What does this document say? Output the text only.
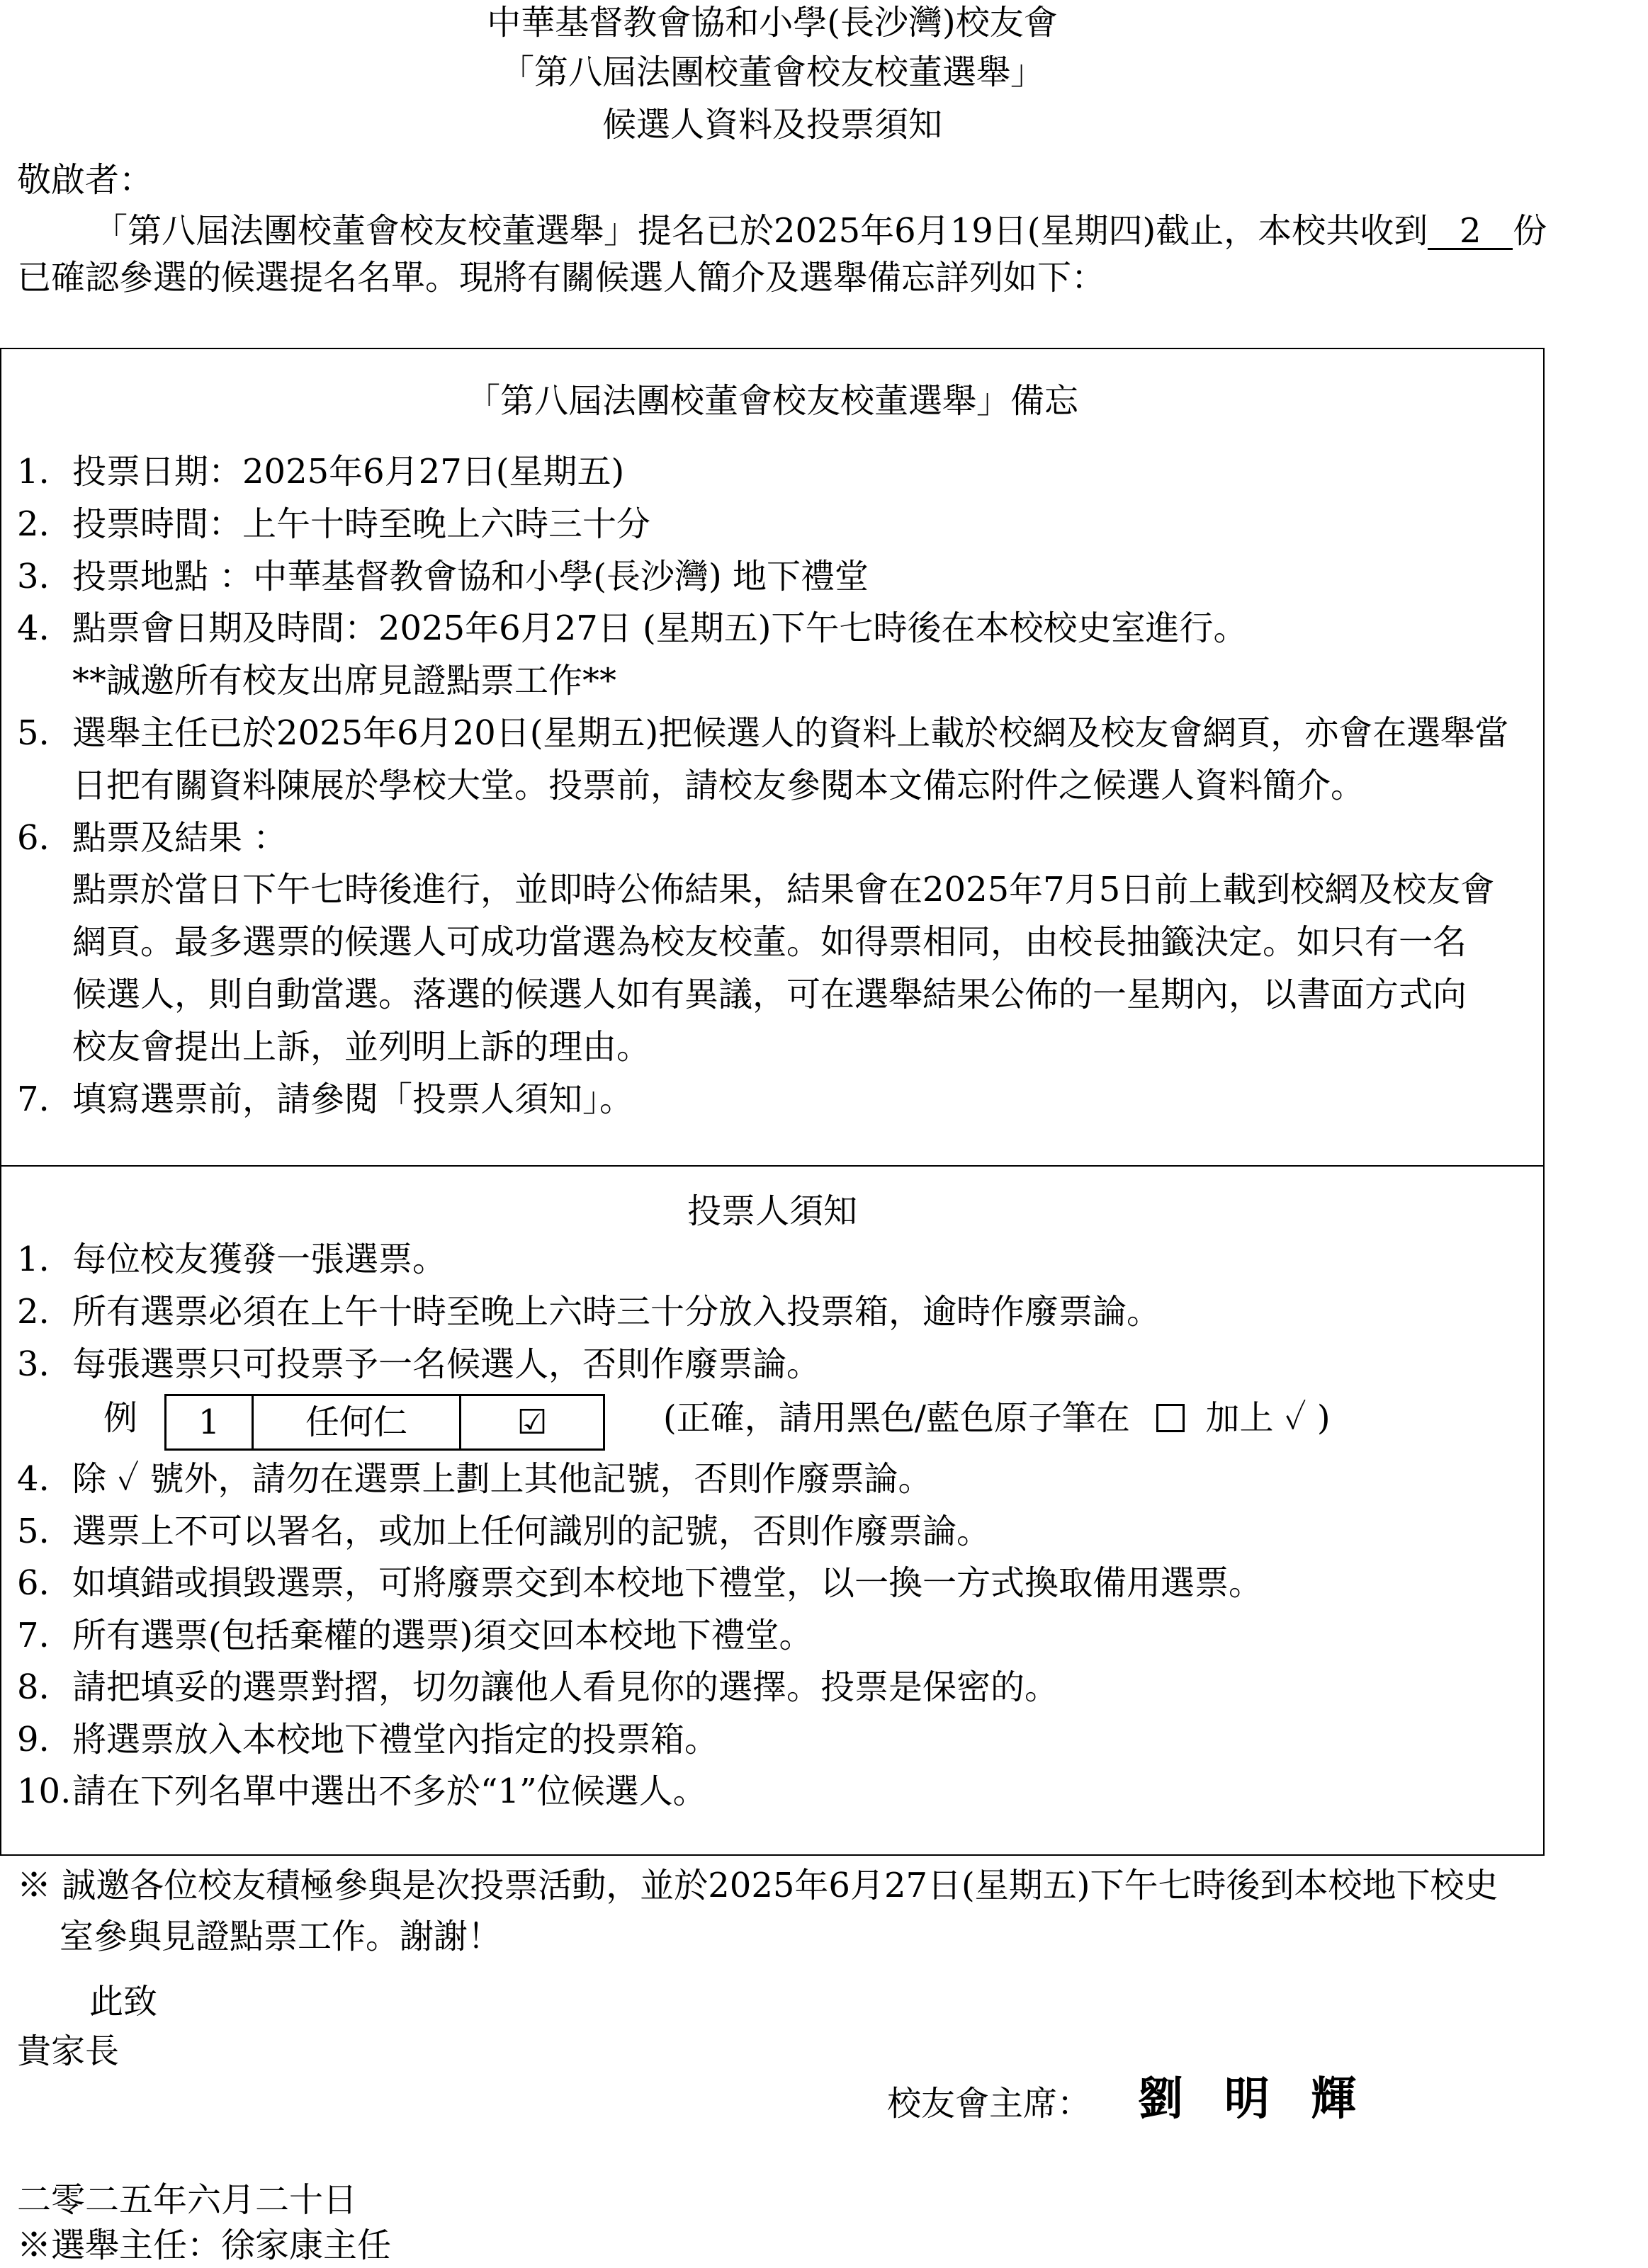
中華基督教會協和小學(長沙灣)校友會
「第八屆法團校董會校友校董選舉」
候選人資料及投票須知
敬啟者：
「第八屆法團校董會校友校董選舉」提名已於2025年6月19日(星期四)截止，本校共收到 2 份
已確認參選的候選提名名單。現將有關候選人簡介及選舉備忘詳列如下：
「第八屆法團校董會校友校董選舉」備忘
1. 投票日期：2025年6月27日(星期五)
2. 投票時間：上午十時至晚上六時三十分
3. 投票地點 ：中華基督教會協和小學(長沙灣) 地下禮堂
4. 點票會日期及時間：2025年6月27日 (星期五)下午七時後在本校校史室進行。
**誠邀所有校友出席見證點票工作**
5. 選舉主任已於2025年6月20日(星期五)把候選人的資料上載於校網及校友會網頁，亦會在選舉當
日把有關資料陳展於學校大堂。投票前，請校友參閱本文備忘附件之候選人資料簡介。
6. 點票及結果 ：
點票於當日下午七時後進行，並即時公佈結果，結果會在2025年7月5日前上載到校網及校友會
網頁。最多選票的候選人可成功當選為校友校董。如得票相同，由校長抽籤決定。如只有一名
候選人，則自動當選。落選的候選人如有異議，可在選舉結果公佈的一星期內，以書面方式向
校友會提出上訴，並列明上訴的理由。
7. 填寫選票前，請參閱「投票人須知」。
投票人須知
1. 每位校友獲發一張選票。
2. 所有選票必須在上午十時至晚上六時三十分放入投票箱，逾時作廢票論。
3. 每張選票只可投票予一名候選人，否則作廢票論。
例 1	任何仁	☑	(正確，請用黑色/藍色原子筆在 加上 ✓ )
4. 除 ✓ 號外，請勿在選票上劃上其他記號，否則作廢票論。
5. 選票上不可以署名，或加上任何識別的記號，否則作廢票論。
6. 如填錯或損毀選票，可將廢票交到本校地下禮堂，以一換一方式換取備用選票。
7. 所有選票(包括棄權的選票)須交回本校地下禮堂。
8. 請把填妥的選票對摺，切勿讓他人看見你的選擇。投票是保密的。
9. 將選票放入本校地下禮堂內指定的投票箱。
10.請在下列名單中選出不多於“1”位候選人。
※ 誠邀各位校友積極參與是次投票活動，並於2025年6月27日(星期五)下午七時後到本校地下校史
室參與見證點票工作。謝謝！
此致
貴家長
校友會主席： 劉明輝
二零二五年六月二十日
※選舉主任：徐家康主任
